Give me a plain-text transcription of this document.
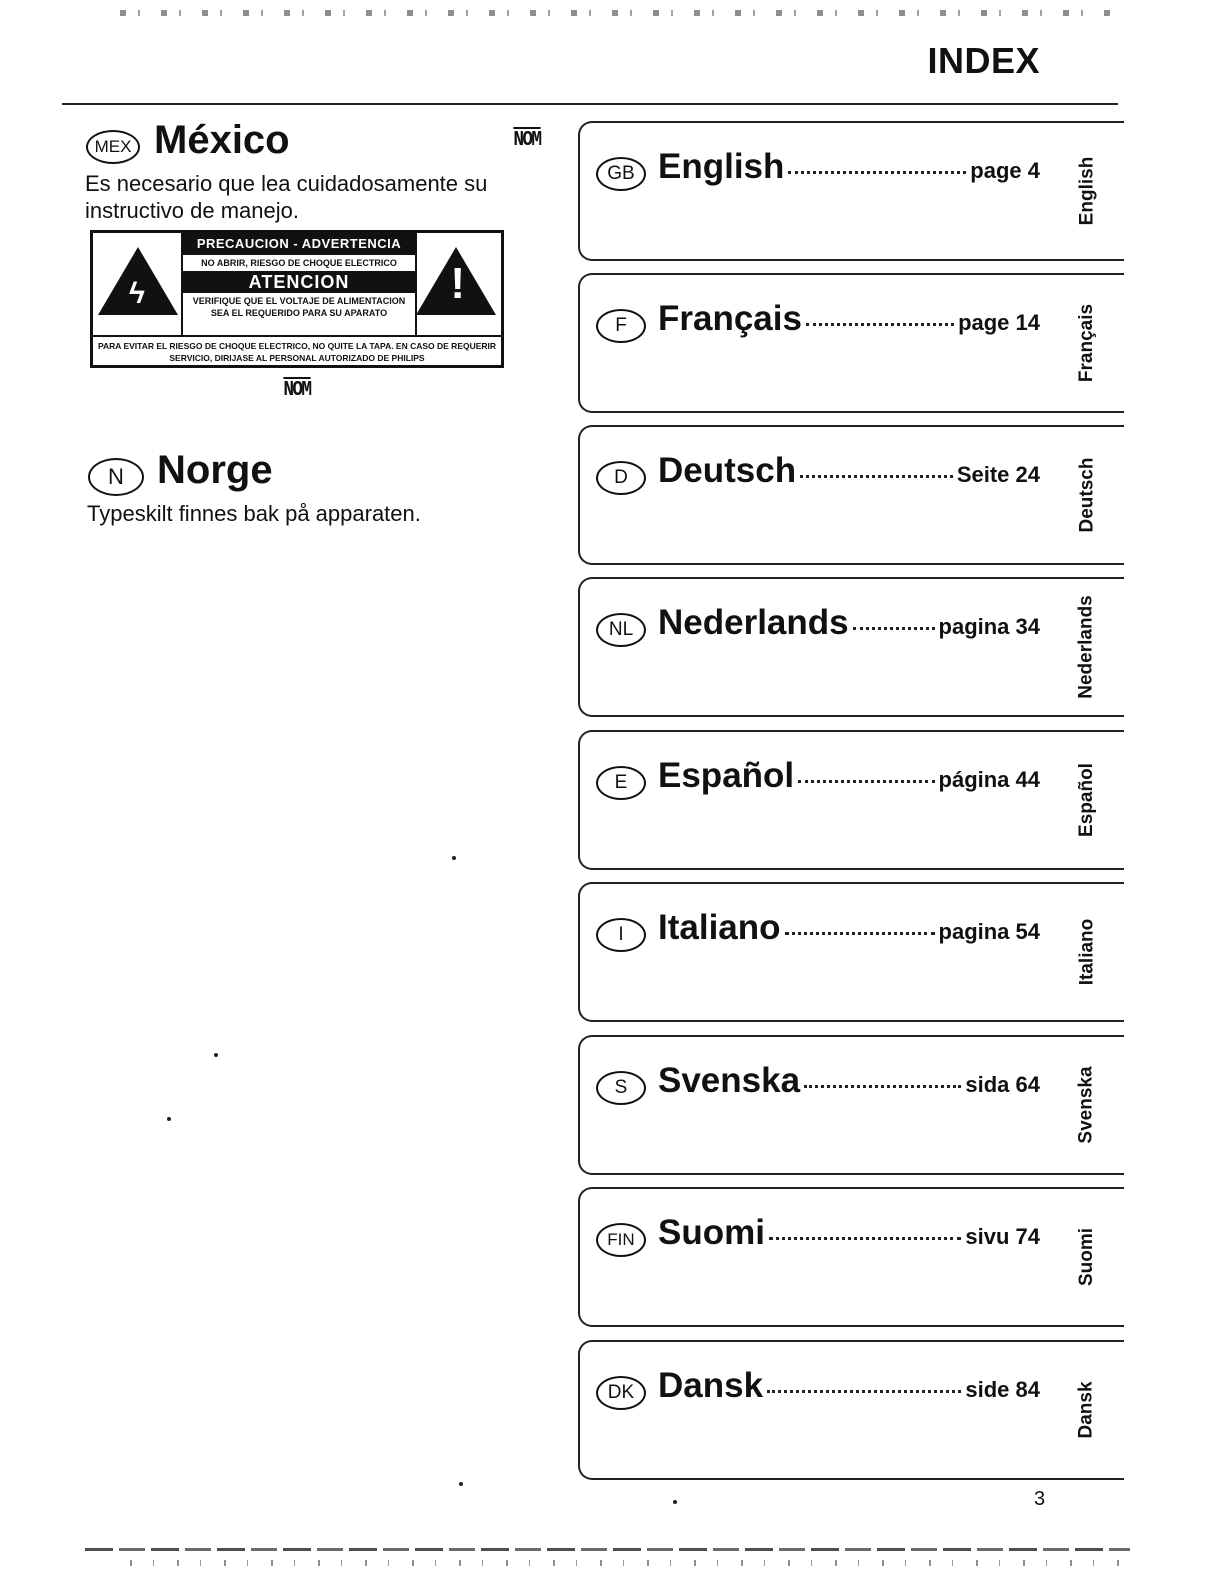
INDEX
MEX México	NOM
Es necesario que lea cuidadosamente su instructivo de manejo.
ϟ
PRECAUCION - ADVERTENCIA
NO ABRIR, RIESGO DE CHOQUE ELECTRICO
ATENCION
VERIFIQUE QUE EL VOLTAJE DE ALIMENTACION SEA EL REQUERIDO PARA SU APARATO
!
PARA EVITAR EL RIESGO DE CHOQUE ELECTRICO, NO QUITE LA TAPA. EN CASO DE REQUERIR SERVICIO, DIRIJASE AL PERSONAL AUTORIZADO DE PHILIPS
NOM
N Norge
Typeskilt finnes bak på apparaten.
GB English	page 4 English
F Français	page 14 Français
D Deutsch	Seite 24 Deutsch
NL Nederlands	pagina 34 Nederlands
E Español	página 44 Español
I Italiano	pagina 54 Italiano
S Svenska	sida 64 Svenska
FIN Suomi	sivu 74 Suomi
DK Dansk	side 84 Dansk
3
